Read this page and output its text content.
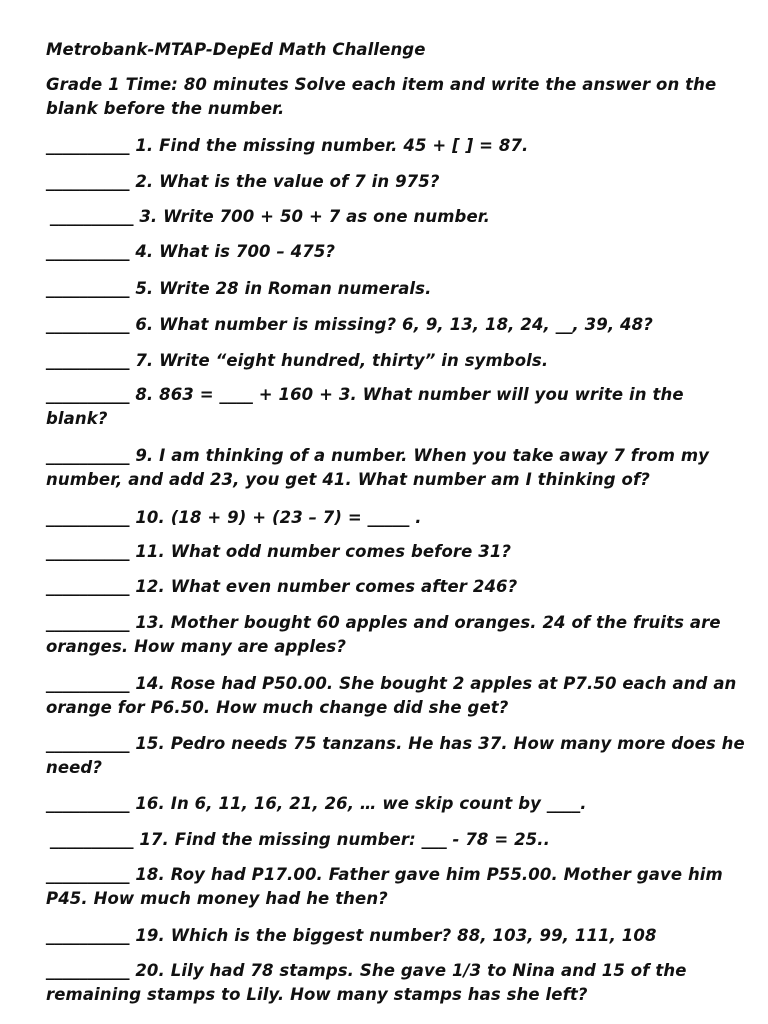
Metrobank-MTAP-DepEd Math Challenge
Grade 1 Time: 80 minutes Solve each item and write the answer on the blank before the number.
__________ 1. Find the missing number. 45 + [ ] = 87.
__________ 2. What is the value of 7 in 975?
__________ 3. Write 700 + 50 + 7 as one number.
__________ 4. What is 700 – 475?
__________ 5. Write 28 in Roman numerals.
__________ 6. What number is missing? 6, 9, 13, 18, 24, __, 39, 48?
__________ 7. Write “eight hundred, thirty” in symbols.
__________ 8. 863 = ____ + 160 + 3. What number will you write in the blank?
__________ 9. I am thinking of a number. When you take away 7 from my number, and add 23, you get 41. What number am I thinking of?
__________ 10. (18 + 9) + (23 – 7) = _____ .
__________ 11. What odd number comes before 31?
__________ 12. What even number comes after 246?
__________ 13. Mother bought 60 apples and oranges. 24 of the fruits are oranges. How many are apples?
__________ 14. Rose had P50.00. She bought 2 apples at P7.50 each and an orange for P6.50. How much change did she get?
__________ 15. Pedro needs 75 tanzans. He has 37. How many more does he need?
__________ 16. In 6, 11, 16, 21, 26, … we skip count by ____.
__________ 17. Find the missing number: ___ - 78 = 25..
__________ 18. Roy had P17.00. Father gave him P55.00. Mother gave him P45. How much money had he then?
__________ 19. Which is the biggest number? 88, 103, 99, 111, 108
__________ 20. Lily had 78 stamps. She gave 1/3 to Nina and 15 of the remaining stamps to Lily. How many stamps has she left?
